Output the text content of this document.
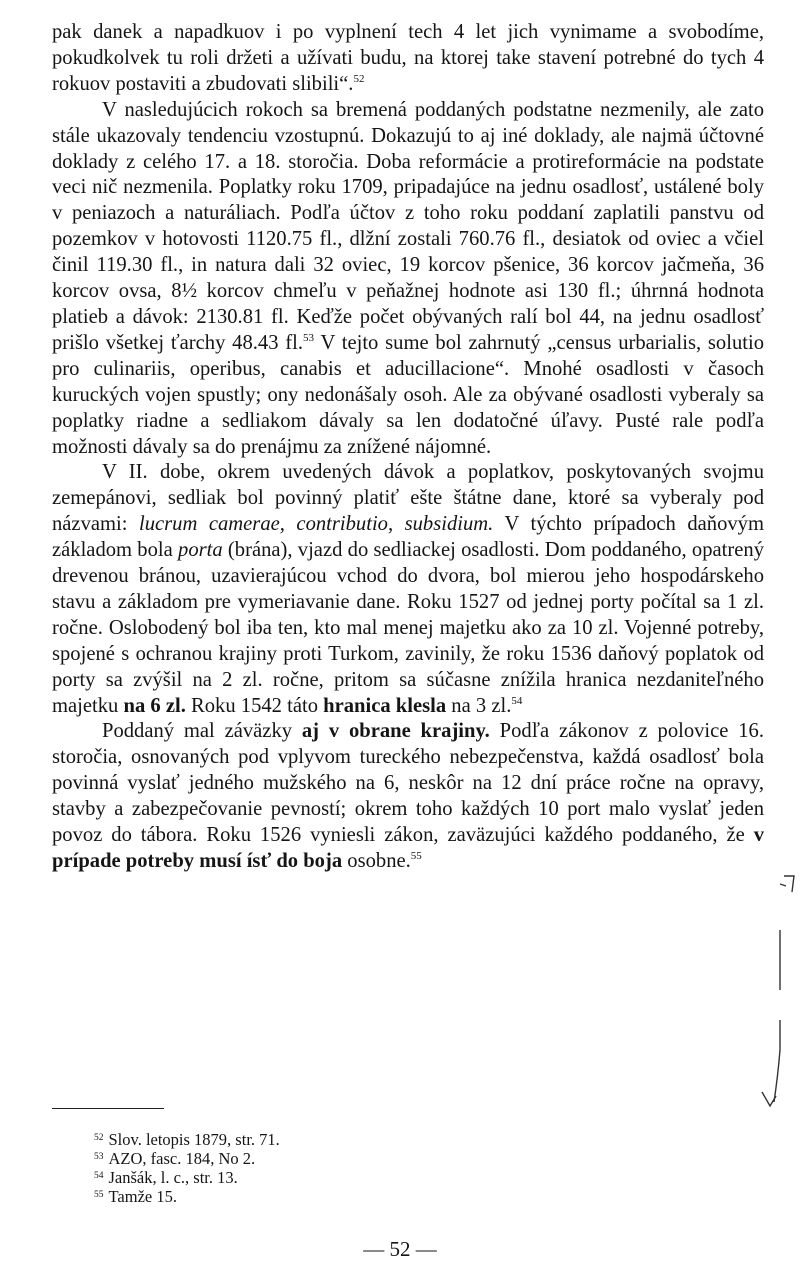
pak danek a napadkuov i po vyplnení tech 4 let jich vynimame a svobodíme, pokudkolvek tu roli držeti a užívati budu, na ktorej take stavení potrebné do tych 4 rokuov postaviti a zbudovati slibili“.$^{52}$

V nasledujúcich rokoch sa bremená poddaných podstatne nezmenily, ale zato stále ukazovaly tendenciu vzostupnú. Dokazujú to aj iné doklady, ale najmä účtovné doklady z celého 17. a 18. storočia. Doba reformácie a protireformácie na podstate veci nič nezmenila. Poplatky roku 1709, pripadajúce na jednu osadlosť, ustálené boly v peniazoch a naturáliach. Podľa účtov z toho roku poddaní zaplatili panstvu od pozemkov v hotovosti 1120.75 fl., dlžní zostali 760.76 fl., desiatok od oviec a včiel činil 119.30 fl., in natura dali 32 oviec, 19 korcov pšenice, 36 korcov jačmeňa, 36 korcov ovsa, 8½ korcov chmeľu v peňažnej hodnote asi 130 fl.; úhrnná hodnota platieb a dávok: 2130.81 fl. Keďže počet obývaných ralí bol 44, na jednu osadlosť prišlo všetkej ťarchy 48.43 fl.$^{53}$ V tejto sume bol zahrnutý „census urbarialis, solutio pro culinariis, operibus, canabis et aducillacione“. Mnohé osadlosti v časoch kuruckých vojen spustly; ony nedonášaly osoh. Ale za obývané osadlosti vyberaly sa poplatky riadne a sedliakom dávaly sa len dodatočné úľavy. Pusté rale podľa možnosti dávaly sa do prenájmu za znížené nájomné.

V II. dobe, okrem uvedených dávok a poplatkov, poskytovaných svojmu zemepánovi, sedliak bol povinný platiť ešte štátne dane, ktoré sa vyberaly pod názvami: lucrum camerae, contributio, subsidium. V týchto prípadoch daňovým základom bola porta (brána), vjazd do sedliackej osadlosti. Dom poddaného, opatrený drevenou bránou, uzavierajúcou vchod do dvora, bol mierou jeho hospodárskeho stavu a základom pre vymeriavanie dane. Roku 1527 od jednej porty počítal sa 1 zl. ročne. Oslobodený bol iba ten, kto mal menej majetku ako za 10 zl. Vojenné potreby, spojené s ochranou krajiny proti Turkom, zavinily, že roku 1536 daňový poplatok od porty sa zvýšil na 2 zl. ročne, pritom sa súčasne znížila hranica nezdaniteľného majetku na 6 zl. Roku 1542 táto hranica klesla na 3 zl.$^{54}$

Poddaný mal záväzky aj v obrane krajiny. Podľa zákonov z polovice 16. storočia, osnovaných pod vplyvom tureckého nebezpečenstva, každá osadlosť bola povinná vyslať jedného mužského na 6, neskôr na 12 dní práce ročne na opravy, stavby a zabezpečovanie pevností; okrem toho každých 10 port malo vyslať jeden povoz do tábora. Roku 1526 vyniesli zákon, zaväzujúci každého poddaného, že v prípade potreby musí ísť do boja osobne.$^{55}$

$^{52}$ Slov. letopis 1879, str. 71.
$^{53}$ AZO, fasc. 184, No 2.
$^{54}$ Janšák, l. c., str. 13.
$^{55}$ Tamže 15.
— 52 —
